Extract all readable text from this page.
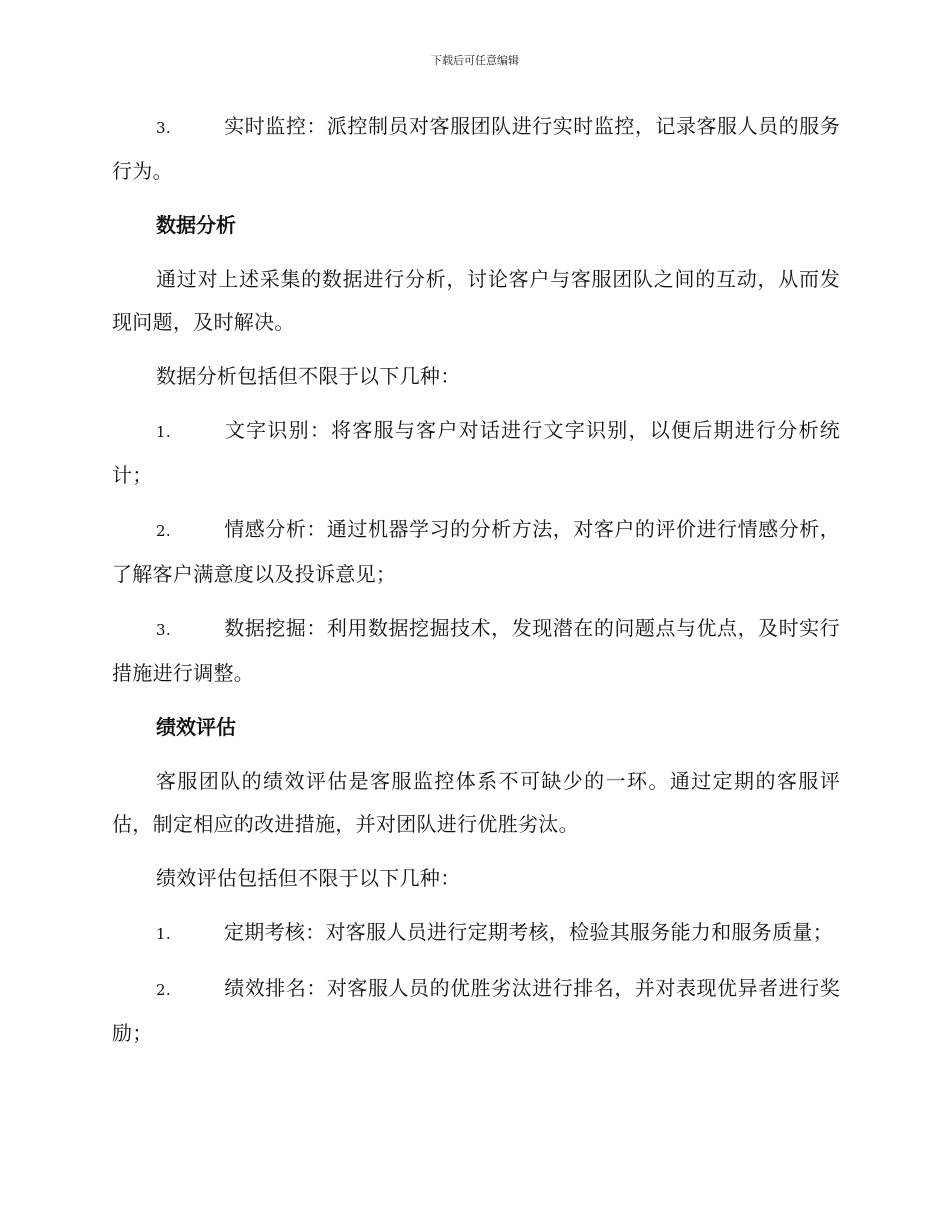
下载后可任意编辑

3.	实时监控：派控制员对客服团队进行实时监控，记录客服人员的服务行为。

数据分析

通过对上述采集的数据进行分析，讨论客户与客服团队之间的互动，从而发现问题，及时解决。

数据分析包括但不限于以下几种：

1.	文字识别：将客服与客户对话进行文字识别，以便后期进行分析统计；

2.	情感分析：通过机器学习的分析方法，对客户的评价进行情感分析，了解客户满意度以及投诉意见；

3.	数据挖掘：利用数据挖掘技术，发现潜在的问题点与优点，及时实行措施进行调整。

绩效评估

客服团队的绩效评估是客服监控体系不可缺少的一环。通过定期的客服评估，制定相应的改进措施，并对团队进行优胜劣汰。

绩效评估包括但不限于以下几种：

1.	定期考核：对客服人员进行定期考核，检验其服务能力和服务质量；

2.	绩效排名：对客服人员的优胜劣汰进行排名，并对表现优异者进行奖励；
